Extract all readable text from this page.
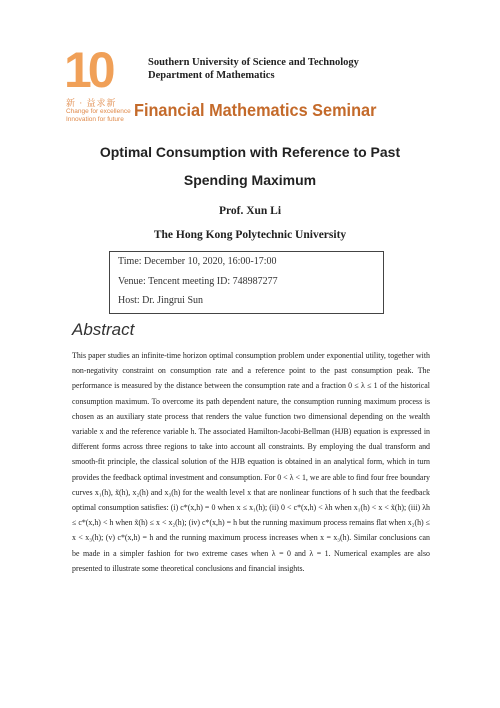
10
新 · 益求新
Change for excellence
Innovation for future
Southern University of Science and Technology
Department of Mathematics
Financial Mathematics Seminar
Optimal Consumption with Reference to Past
Spending Maximum
Prof. Xun Li
The Hong Kong Polytechnic University
Time: December 10, 2020, 16:00-17:00
Venue: Tencent meeting ID: 748987277
Host: Dr. Jingrui Sun
Abstract
This paper studies an infinite-time horizon optimal consumption problem under exponential utility, together with non-negativity constraint on consumption rate and a reference point to the past consumption peak. The performance is measured by the distance between the consumption rate and a fraction 0 ≤ λ ≤ 1 of the historical consumption maximum. To overcome its path dependent nature, the consumption running maximum process is chosen as an auxiliary state process that renders the value function two dimensional depending on the wealth variable x and the reference variable h. The associated Hamilton-Jacobi-Bellman (HJB) equation is expressed in different forms across three regions to take into account all constraints. By employing the dual transform and smooth-fit principle, the classical solution of the HJB equation is obtained in an analytical form, which in turn provides the feedback optimal investment and consumption. For 0 < λ < 1, we are able to find four free boundary curves x₁(h), x̃(h), x₂(h) and x₃(h) for the wealth level x that are nonlinear functions of h such that the feedback optimal consumption satisfies: (i) c*(x,h) = 0 when x ≤ x₁(h); (ii) 0 < c*(x,h) < λh when x₁(h) < x < x̃(h); (iii) λh ≤ c*(x,h) < h when x̃(h) ≤ x < x₂(h); (iv) c*(x,h) = h but the running maximum process remains flat when x₂(h) ≤ x < x₃(h); (v) c*(x,h) = h and the running maximum process increases when x = x₃(h). Similar conclusions can be made in a simpler fashion for two extreme cases when λ = 0 and λ = 1. Numerical examples are also presented to illustrate some theoretical conclusions and financial insights.
